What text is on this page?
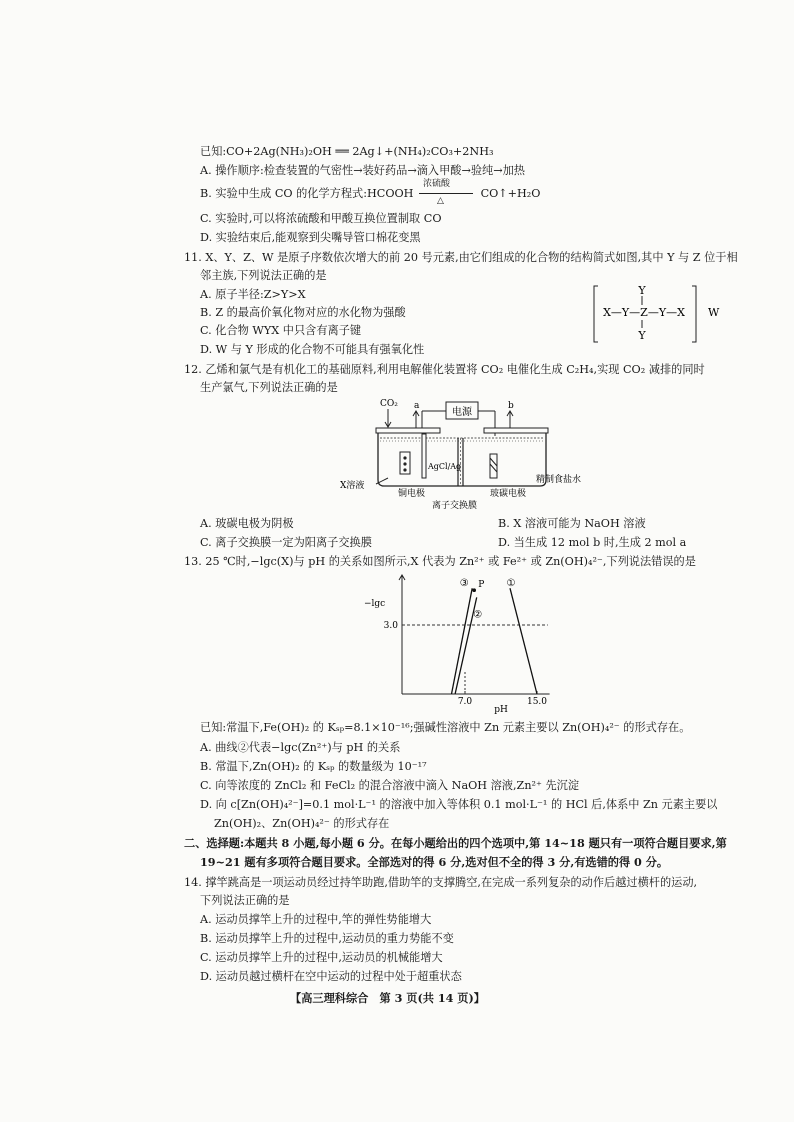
已知:CO+2Ag(NH₃)₂OH ══ 2Ag↓+(NH₄)₂CO₃+2NH₃
A. 操作顺序:检查装置的气密性→装好药品→滴入甲酸→验纯→加热
B. 实验中生成 CO 的化学方程式:HCOOH
浓硫酸
△
CO↑+H₂O
C. 实验时,可以将浓硫酸和甲酸互换位置制取 CO
D. 实验结束后,能观察到尖嘴导管口棉花变黑
11. X、Y、Z、W 是原子序数依次增大的前 20 号元素,由它们组成的化合物的结构简式如图,其中 Y 与 Z 位于相
邻主族,下列说法正确的是
A. 原子半径:Z>Y>X
B. Z 的最高价氧化物对应的水化物为强酸
C. 化合物 WYX 中只含有离子键
D. W 与 Y 形成的化合物不可能具有强氧化性
Y
X—Y—Z—Y—X
Y
W
12. 乙烯和氯气是有机化工的基础原料,利用电解催化装置将 CO₂ 电催化生成 C₂H₄,实现 CO₂ 减排的同时
生产氯气,下列说法正确的是
电源
CO₂ a	b
AgCl/Ag
X溶液
铜电极	玻碳电极
精制食盐水
离子交换膜
A. 玻碳电极为阴极	B. X 溶液可能为 NaOH 溶液
C. 离子交换膜一定为阳离子交换膜	D. 当生成 12 mol b 时,生成 2 mol a
13. 25 ℃时,−lgc(X)与 pH 的关系如图所示,X 代表为 Zn²⁺ 或 Fe²⁺ 或 Zn(OH)₄²⁻,下列说法错误的是
−lgc
pH
3.0
7.0	15.0
①
②
③ P
已知:常温下,Fe(OH)₂ 的 Kₛₚ=8.1×10⁻¹⁶;强碱性溶液中 Zn 元素主要以 Zn(OH)₄²⁻ 的形式存在。
A. 曲线②代表−lgc(Zn²⁺)与 pH 的关系
B. 常温下,Zn(OH)₂ 的 Kₛₚ 的数量级为 10⁻¹⁷
C. 向等浓度的 ZnCl₂ 和 FeCl₂ 的混合溶液中滴入 NaOH 溶液,Zn²⁺ 先沉淀
D. 向 c[Zn(OH)₄²⁻]=0.1 mol·L⁻¹ 的溶液中加入等体积 0.1 mol·L⁻¹ 的 HCl 后,体系中 Zn 元素主要以
Zn(OH)₂、Zn(OH)₄²⁻ 的形式存在
二、选择题:本题共 8 小题,每小题 6 分。在每小题给出的四个选项中,第 14~18 题只有一项符合题目要求,第
19~21 题有多项符合题目要求。全部选对的得 6 分,选对但不全的得 3 分,有选错的得 0 分。
14. 撑竿跳高是一项运动员经过持竿助跑,借助竿的支撑腾空,在完成一系列复杂的动作后越过横杆的运动,
下列说法正确的是
A. 运动员撑竿上升的过程中,竿的弹性势能增大
B. 运动员撑竿上升的过程中,运动员的重力势能不变
C. 运动员撑竿上升的过程中,运动员的机械能增大
D. 运动员越过横杆在空中运动的过程中处于超重状态
【高三理科综合　第 3 页(共 14 页)】
